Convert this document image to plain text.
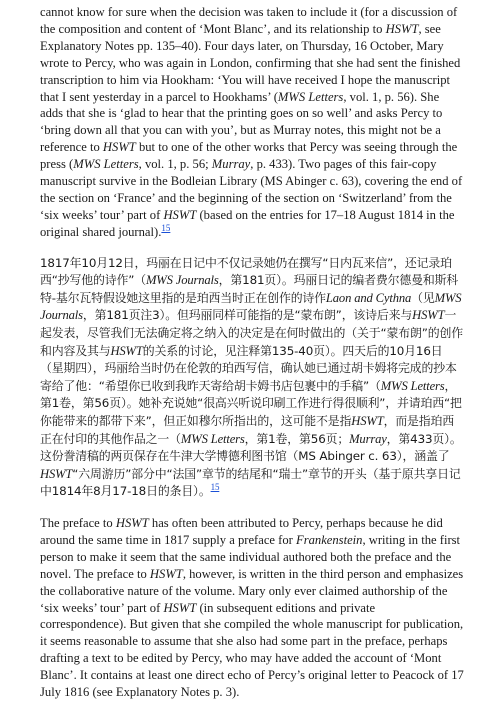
cannot know for sure when the decision was taken to include it (for a discussion of the composition and content of ‘Mont Blanc’, and its relationship to HSWT, see Explanatory Notes pp. 135–40). Four days later, on Thursday, 16 October, Mary wrote to Percy, who was again in London, confirming that she had sent the finished transcription to him via Hookham: ‘You will have received I hope the manuscript that I sent yesterday in a parcel to Hookhams’ (MWS Letters, vol. 1, p. 56). She adds that she is ‘glad to hear that the printing goes on so well’ and asks Percy to ‘bring down all that you can with you’, but as Murray notes, this might not be a reference to HSWT but to one of the other works that Percy was seeing through the press (MWS Letters, vol. 1, p. 56; Murray, p. 433). Two pages of this fair-copy manuscript survive in the Bodleian Library (MS Abinger c. 63), covering the end of the section on ‘France’ and the beginning of the section on ‘Switzerland’ from the ‘six weeks’ tour’ part of HSWT (based on the entries for 17–18 August 1814 in the original shared journal).$^{15}$

1817年10月12日，玛丽在日记中不仅记录她仍在撰写“日内瓦来信”，还记录珀西“抄写他的诗作”（MWS Journals，第181页）。玛丽日记的编者费尔德曼和斯科特-基尔瓦特假设她这里指的是珀西当时正在创作的诗作Laon and Cythna（见MWS Journals，第181页注3）。但玛丽同样可能指的是“蒙布朗”，该诗后来与HSWT一起发表，尽管我们无法确定将之纳入的决定是在何时做出的（关于“蒙布朗”的创作和内容及其与HSWT的关系的讨论，见注释第135-40页）。四天后的10月16日（星期四），玛丽给当时仍在伦敦的珀西写信，确认她已通过胡卡姆将完成的抄本寄给了他：“希望你已收到我昨天寄给胡卡姆书店包裹中的手稿”（MWS Letters，第1卷，第56页）。她补充说她“很高兴听说印刷工作进行得很顺利”，并请珀西“把你能带来的都带下来”，但正如穆尔所指出的，这可能不是指HSWT，而是指珀西正在付印的其他作品之一（MWS Letters，第1卷，第56页；Murray，第433页）。这份誊清稿的两页保存在牛津大学博德利图书馆（MS Abinger c. 63），涵盖了HSWT“六周游历”部分中“法国”章节的结尾和“瑞士”章节的开头（基于原共享日记中1814年8月17-18日的条目）。$^{15}$

The preface to HSWT has often been attributed to Percy, perhaps because he did around the same time in 1817 supply a preface for Frankenstein, writing in the first person to make it seem that the same individual authored both the preface and the novel. The preface to HSWT, however, is written in the third person and emphasizes the collaborative nature of the volume. Mary only ever claimed authorship of the ‘six weeks’ tour’ part of HSWT (in subsequent editions and private correspondence). But given that she compiled the whole manuscript for publication, it seems reasonable to assume that she also had some part in the preface, perhaps drafting a text to be edited by Percy, who may have added the account of ‘Mont Blanc’. It contains at least one direct echo of Percy’s original letter to Peacock of 17 July 1816 (see Explanatory Notes p. 3).
